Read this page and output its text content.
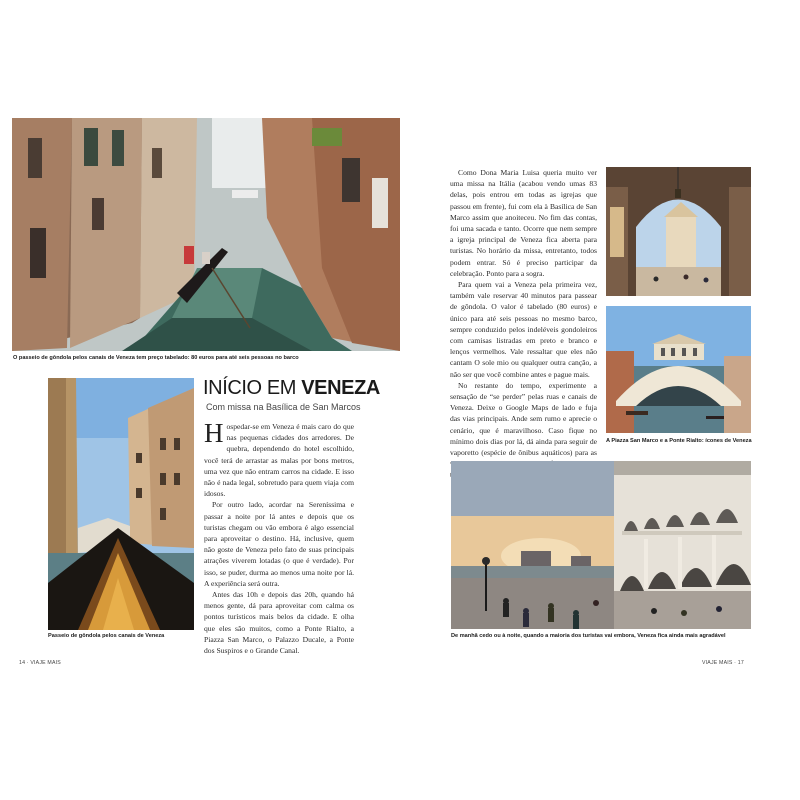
O passeio de gôndola pelos canais de Veneza tem preço tabelado: 80 euros para até seis pessoas no barco
Passeio de gôndola pelos canais de Veneza
INÍCIO EM VENEZA
Com missa na Basílica de San Marcos

Hospedar-se em Veneza é mais caro do que nas pequenas cidades dos arredores. De quebra, dependendo do hotel escolhido, você terá de arrastar as malas por bons metros, uma vez que não entram carros na cidade. E isso não é nada legal, sobretudo para quem viaja com idosos.

Por outro lado, acordar na Sereníssima e passar a noite por lá antes e depois que os turistas chegam ou vão embora é algo essencial para aproveitar o destino. Há, inclusive, quem não goste de Veneza pelo fato de suas principais atrações viverem lotadas (o que é verdade). Por isso, se puder, durma ao menos uma noite por lá. A experiência será outra.

Antes das 10h e depois das 20h, quando há menos gente, dá para aproveitar com calma os pontos turísticos mais belos da cidade. E olha que eles são muitos, como a Ponte Rialto, a Piazza San Marco, o Palazzo Ducale, a Ponte dos Suspiros e o Grande Canal.

14 · VIAJE MAIS

Como Dona Maria Luisa queria muito ver uma missa na Itália (acabou vendo umas 83 delas, pois entrou em todas as igrejas que passou em frente), fui com ela à Basílica de San Marco assim que anoiteceu. No fim das contas, foi uma sacada e tanto. Ocorre que nem sempre a igreja principal de Veneza fica aberta para turistas. No horário da missa, entretanto, todos podem entrar. Só é preciso participar da celebração. Ponto para a sogra.

Para quem vai a Veneza pela primeira vez, também vale reservar 40 minutos para passear de gôndola. O valor é tabelado (80 euros) e único para até seis pessoas no mesmo barco, sempre conduzido pelos indeléveis gondoleiros com camisas listradas em preto e branco e lenços vermelhos. Vale ressaltar que eles não cantam O sole mio ou qualquer outra canção, a não ser que você combine antes e pague mais.

No restante do tempo, experimente a sensação de “se perder” pelas ruas e canais de Veneza. Deixe o Google Maps de lado e fuja das vias principais. Ande sem rumo e aprecie o cenário, que é maravilhoso. Caso fique no mínimo dois dias por lá, dá ainda para seguir de vaporetto (espécie de ônibus aquáticos) para as

A Piazza San Marco e a Ponte Rialto: ícones de Veneza
De manhã cedo ou à noite, quando a maioria dos turistas vai embora, Veneza fica ainda mais agradável
VIAJE MAIS · 17
